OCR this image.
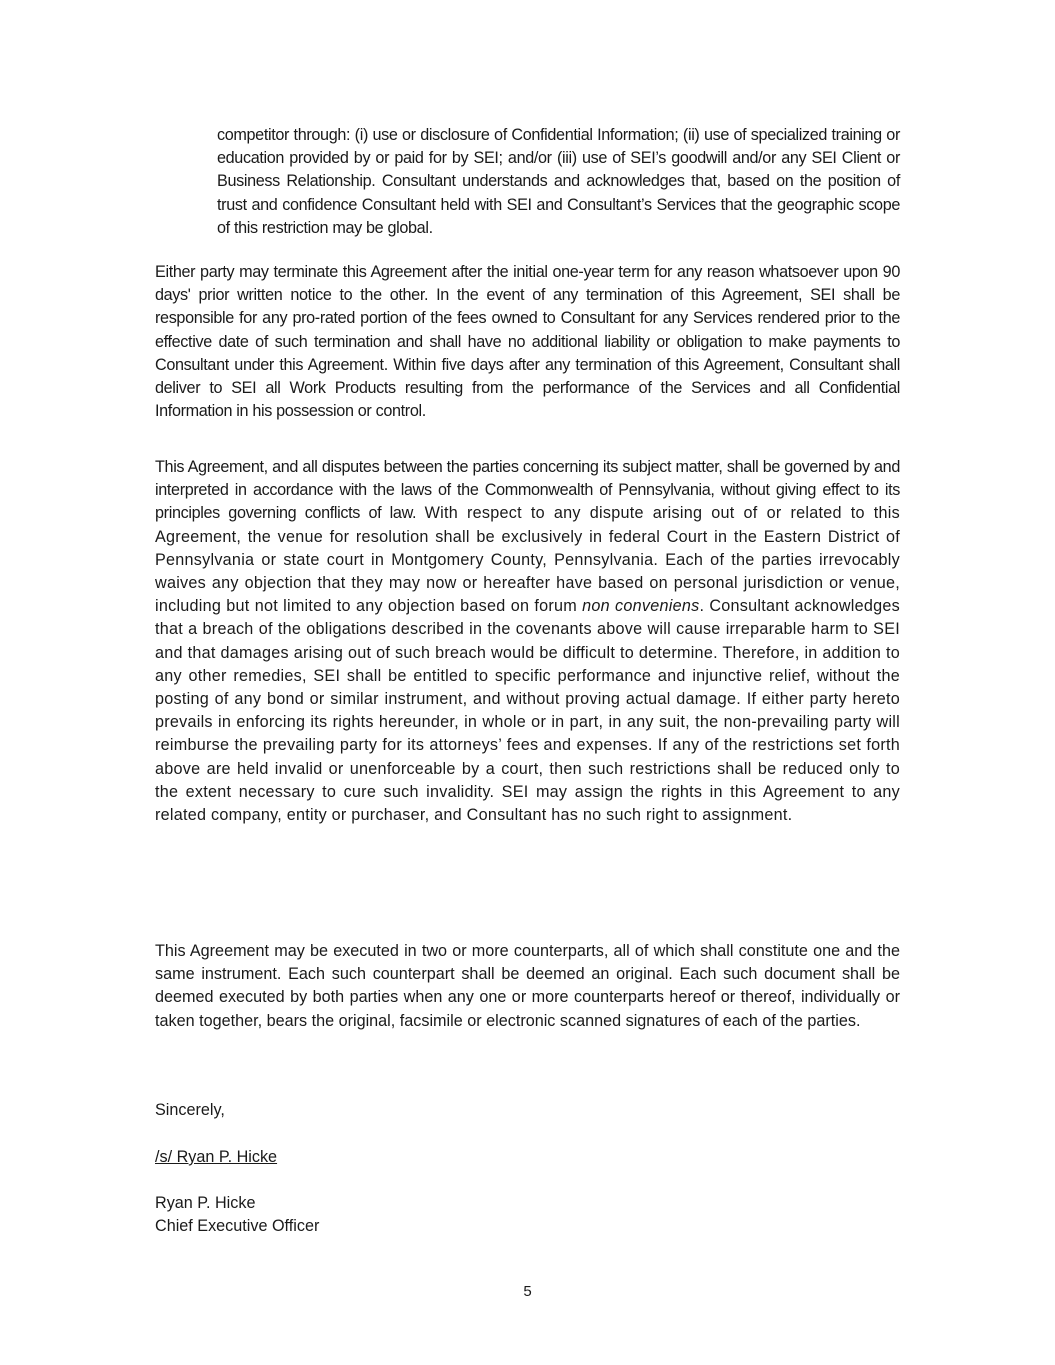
competitor through: (i) use or disclosure of Confidential Information; (ii) use of specialized training or education provided by or paid for by SEI; and/or (iii) use of SEI’s goodwill and/or any SEI Client or Business Relationship. Consultant understands and acknowledges that, based on the position of trust and confidence Consultant held with SEI and Consultant’s Services that the geographic scope of this restriction may be global.

Either party may terminate this Agreement after the initial one-year term for any reason whatsoever upon 90 days' prior written notice to the other. In the event of any termination of this Agreement, SEI shall be responsible for any pro-rated portion of the fees owned to Consultant for any Services rendered prior to the effective date of such termination and shall have no additional liability or obligation to make payments to Consultant under this Agreement. Within five days after any termination of this Agreement, Consultant shall deliver to SEI all Work Products resulting from the performance of the Services and all Confidential Information in his possession or control.

This Agreement, and all disputes between the parties concerning its subject matter, shall be governed by and interpreted in accordance with the laws of the Commonwealth of Pennsylvania, without giving effect to its principles governing conflicts of law. With respect to any dispute arising out of or related to this Agreement, the venue for resolution shall be exclusively in federal Court in the Eastern District of Pennsylvania or state court in Montgomery County, Pennsylvania. Each of the parties irrevocably waives any objection that they may now or hereafter have based on personal jurisdiction or venue, including but not limited to any objection based on forum non conveniens. Consultant acknowledges that a breach of the obligations described in the covenants above will cause irreparable harm to SEI and that damages arising out of such breach would be difficult to determine. Therefore, in addition to any other remedies, SEI shall be entitled to specific performance and injunctive relief, without the posting of any bond or similar instrument, and without proving actual damage. If either party hereto prevails in enforcing its rights hereunder, in whole or in part, in any suit, the non-prevailing party will reimburse the prevailing party for its attorneys’ fees and expenses. If any of the restrictions set forth above are held invalid or unenforceable by a court, then such restrictions shall be reduced only to the extent necessary to cure such invalidity. SEI may assign the rights in this Agreement to any related company, entity or purchaser, and Consultant has no such right to assignment.

This Agreement may be executed in two or more counterparts, all of which shall constitute one and the same instrument. Each such counterpart shall be deemed an original. Each such document shall be deemed executed by both parties when any one or more counterparts hereof or thereof, individually or taken together, bears the original, facsimile or electronic scanned signatures of each of the parties.

Sincerely,

/s/ Ryan P. Hicke

Ryan P. Hicke

Chief Executive Officer

5
